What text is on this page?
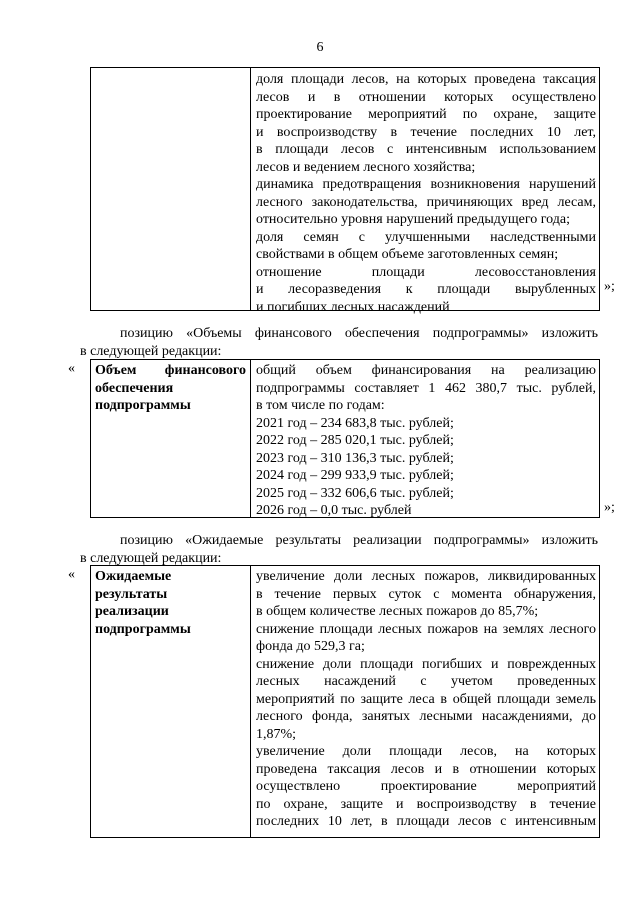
6
доля площади лесов, на которых проведена таксация
лесов и в отношении которых осуществлено
проектирование мероприятий по охране, защите
и воспроизводству в течение последних 10 лет,
в площади лесов с интенсивным использованием
лесов и ведением лесного хозяйства;
динамика предотвращения возникновения нарушений
лесного законодательства, причиняющих вред лесам,
относительно уровня нарушений предыдущего года;
доля семян с улучшенными наследственными
свойствами в общем объеме заготовленных семян;
отношение площади лесовосстановления
и лесоразведения к площади вырубленных
и погибших лесных насаждений
»;
позицию «Объемы финансового обеспечения подпрограммы» изложить
в следующей редакции:
« Объем финансового
обеспечения
подпрограммы
общий объем финансирования на реализацию
подпрограммы составляет 1 462 380,7 тыс. рублей,
в том числе по годам:
2021 год – 234 683,8 тыс. рублей;
2022 год – 285 020,1 тыс. рублей;
2023 год – 310 136,3 тыс. рублей;
2024 год – 299 933,9 тыс. рублей;
2025 год – 332 606,6 тыс. рублей;
2026 год – 0,0 тыс. рублей	»;
позицию «Ожидаемые результаты реализации подпрограммы» изложить
в следующей редакции:
« Ожидаемые
результаты
реализации
подпрограммы
увеличение доли лесных пожаров, ликвидированных
в течение первых суток с момента обнаружения,
в общем количестве лесных пожаров до 85,7%;
снижение площади лесных пожаров на землях лесного
фонда до 529,3 га;
снижение доли площади погибших и поврежденных
лесных насаждений с учетом проведенных
мероприятий по защите леса в общей площади земель
лесного фонда, занятых лесными насаждениями, до
1,87%;
увеличение доли площади лесов, на которых
проведена таксация лесов и в отношении которых
осуществлено проектирование мероприятий
по охране, защите и воспроизводству в течение
последних 10 лет, в площади лесов с интенсивным
